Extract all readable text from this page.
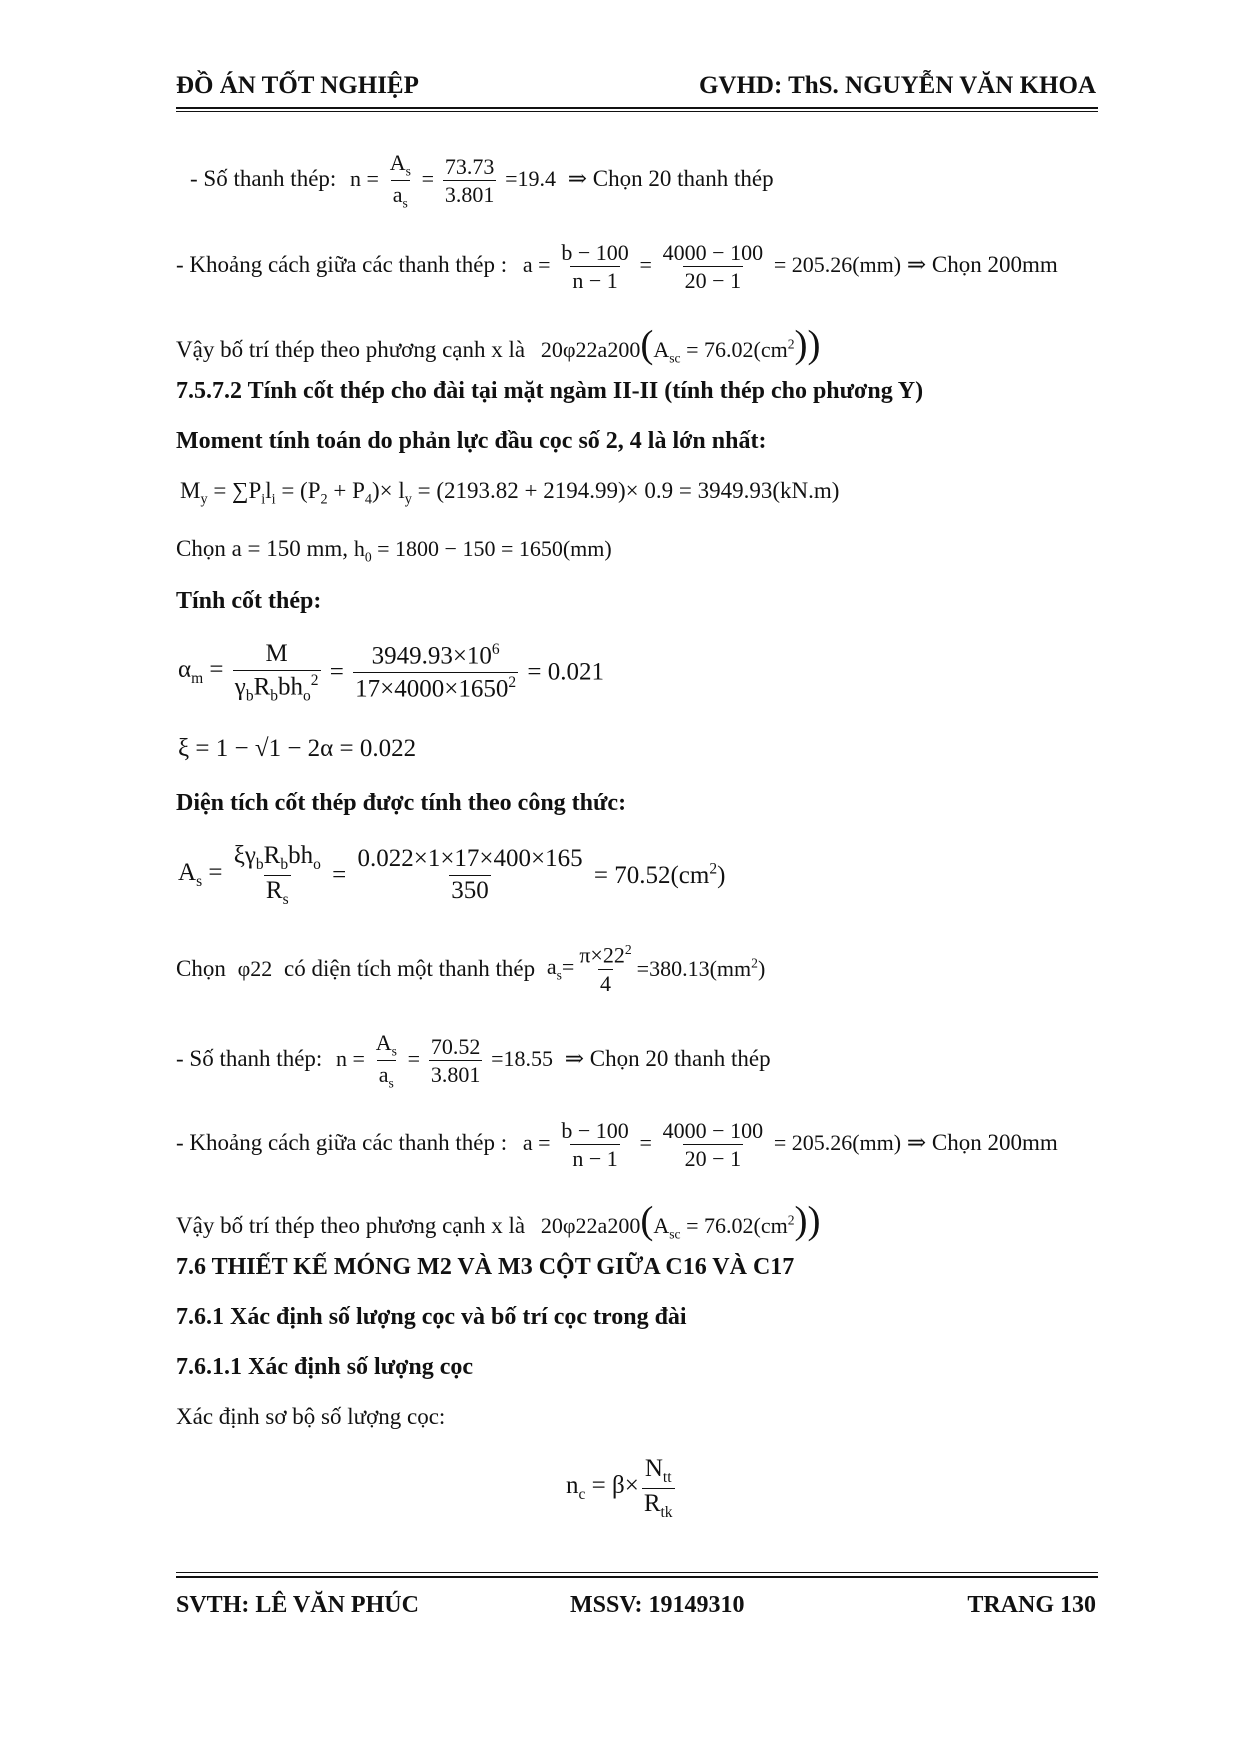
ĐỒ ÁN TỐT NGHIỆP	GVHD: ThS. NGUYỄN VĂN KHOA
- Số thanh thép: $n = \frac{A_s}{a_s} = \frac{73.73}{3.801} =19.4$ ⇒ Chọn 20 thanh thép
- Khoảng cách giữa các thanh thép : $a = \frac{b - 100}{n - 1} = \frac{4000 - 100}{20 - 1} = 205.26(mm)$ ⇒ Chọn 200mm
Vậy bố trí thép theo phương cạnh x là $20\varphi 22a200(A_{sc} = 76.02(cm^2))$
7.5.7.2 Tính cốt thép cho đài tại mặt ngàm II-II (tính thép cho phương Y)
Moment tính toán do phản lực đầu cọc số 2, 4 là lớn nhất:
$M_y = \sum P_il_i = (P_2 + P_4)\times l_y = (2193.82 + 2194.99)\times 0.9 = 3949.93(kN.m)$
Chọn a = 150 mm, $h_0 = 1800 - 150 = 1650(mm)$
Tính cốt thép:
$\alpha_m = \frac{M}{\gamma_bR_bbh_o^2} = \frac{3949.93\times 10^6}{17\times 4000\times 1650^2} = 0.021$
ξ = 1 − √1 − 2α = 0.022
Diện tích cốt thép được tính theo công thức:
$A_s = \frac{\xi\gamma_bR_bbh_o}{R_s} = \frac{0.022\times 1\times 17\times 400\times 165}{350} = 70.52(cm^2)$
Chọn φ22 có diện tích một thanh thép $a_s= \frac{\pi\times 22^2}{4} =380.13(mm^2)$
- Số thanh thép: $n = \frac{A_s}{a_s} = \frac{70.52}{3.801} =18.55$ ⇒ Chọn 20 thanh thép
- Khoảng cách giữa các thanh thép : $a = \frac{b - 100}{n - 1} = \frac{4000 - 100}{20 - 1} = 205.26(mm)$ ⇒ Chọn 200mm
Vậy bố trí thép theo phương cạnh x là $20\varphi 22a200(A_{sc} = 76.02(cm^2))$
7.6 THIẾT KẾ MÓNG M2 VÀ M3 CỘT GIỮA C16 VÀ C17
7.6.1 Xác định số lượng cọc và bố trí cọc trong đài
7.6.1.1 Xác định số lượng cọc
Xác định sơ bộ số lượng cọc:
$n_c = \beta\times \frac{N_{tt}}{R_{tk}}$
SVTH: LÊ VĂN PHÚC	MSSV: 19149310	TRANG 130
